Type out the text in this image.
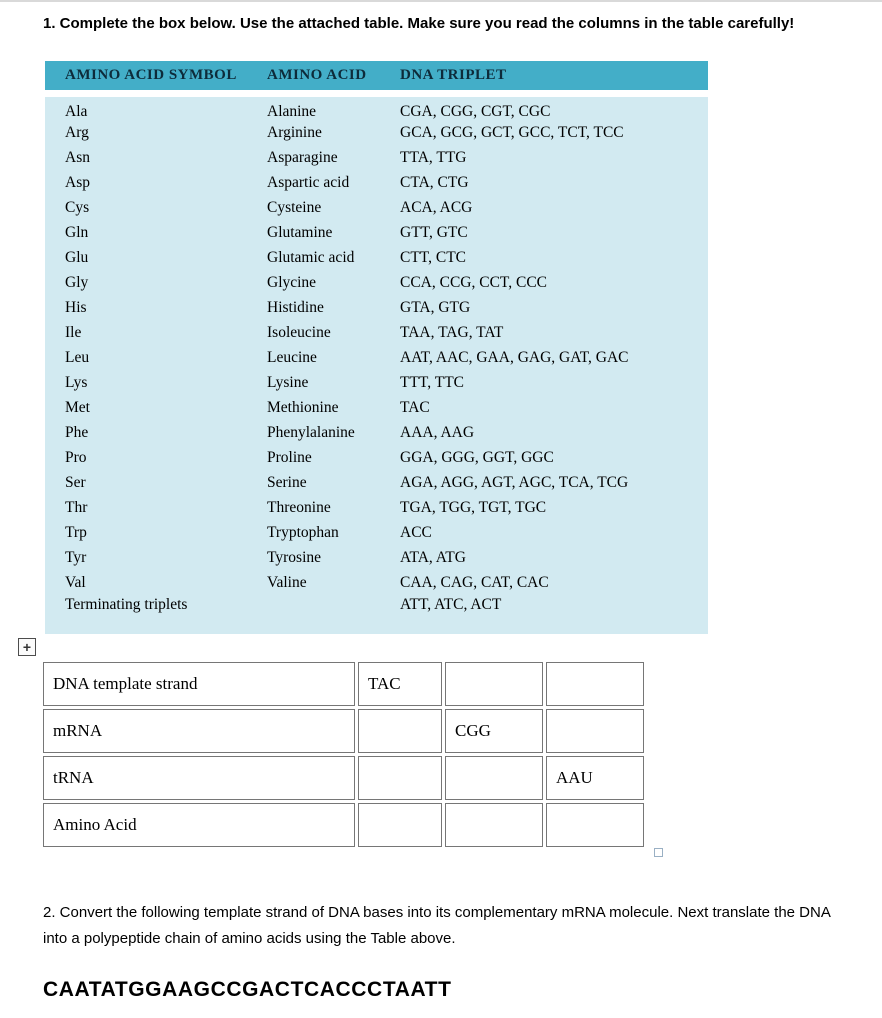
1. Complete the box below. Use the attached table. Make sure you read the columns in the table carefully!

AMINO ACID SYMBOL	AMINO ACID	DNA TRIPLET
Ala	Alanine	CGA, CGG, CGT, CGC
Arg	Arginine	GCA, GCG, GCT, GCC, TCT, TCC
Asn	Asparagine	TTA, TTG
Asp	Aspartic acid	CTA, CTG
Cys	Cysteine	ACA, ACG
Gln	Glutamine	GTT, GTC
Glu	Glutamic acid	CTT, CTC
Gly	Glycine	CCA, CCG, CCT, CCC
His	Histidine	GTA, GTG
Ile	Isoleucine	TAA, TAG, TAT
Leu	Leucine	AAT, AAC, GAA, GAG, GAT, GAC
Lys	Lysine	TTT, TTC
Met	Methionine	TAC
Phe	Phenylalanine	AAA, AAG
Pro	Proline	GGA, GGG, GGT, GGC
Ser	Serine	AGA, AGG, AGT, AGC, TCA, TCG
Thr	Threonine	TGA, TGG, TGT, TGC
Trp	Tryptophan	ACC
Tyr	Tyrosine	ATA, ATG
Val	Valine	CAA, CAG, CAT, CAC
Terminating triplets		ATT, ATC, ACT
+
DNA template strand	TAC		
mRNA		CGG	
tRNA			AAU
Amino Acid			

2. Convert the following template strand of DNA bases into its complementary mRNA molecule. Next translate the DNA into a polypeptide chain of amino acids using the Table above.

CAATATGGAAGCCGACTCACCCTAATT
